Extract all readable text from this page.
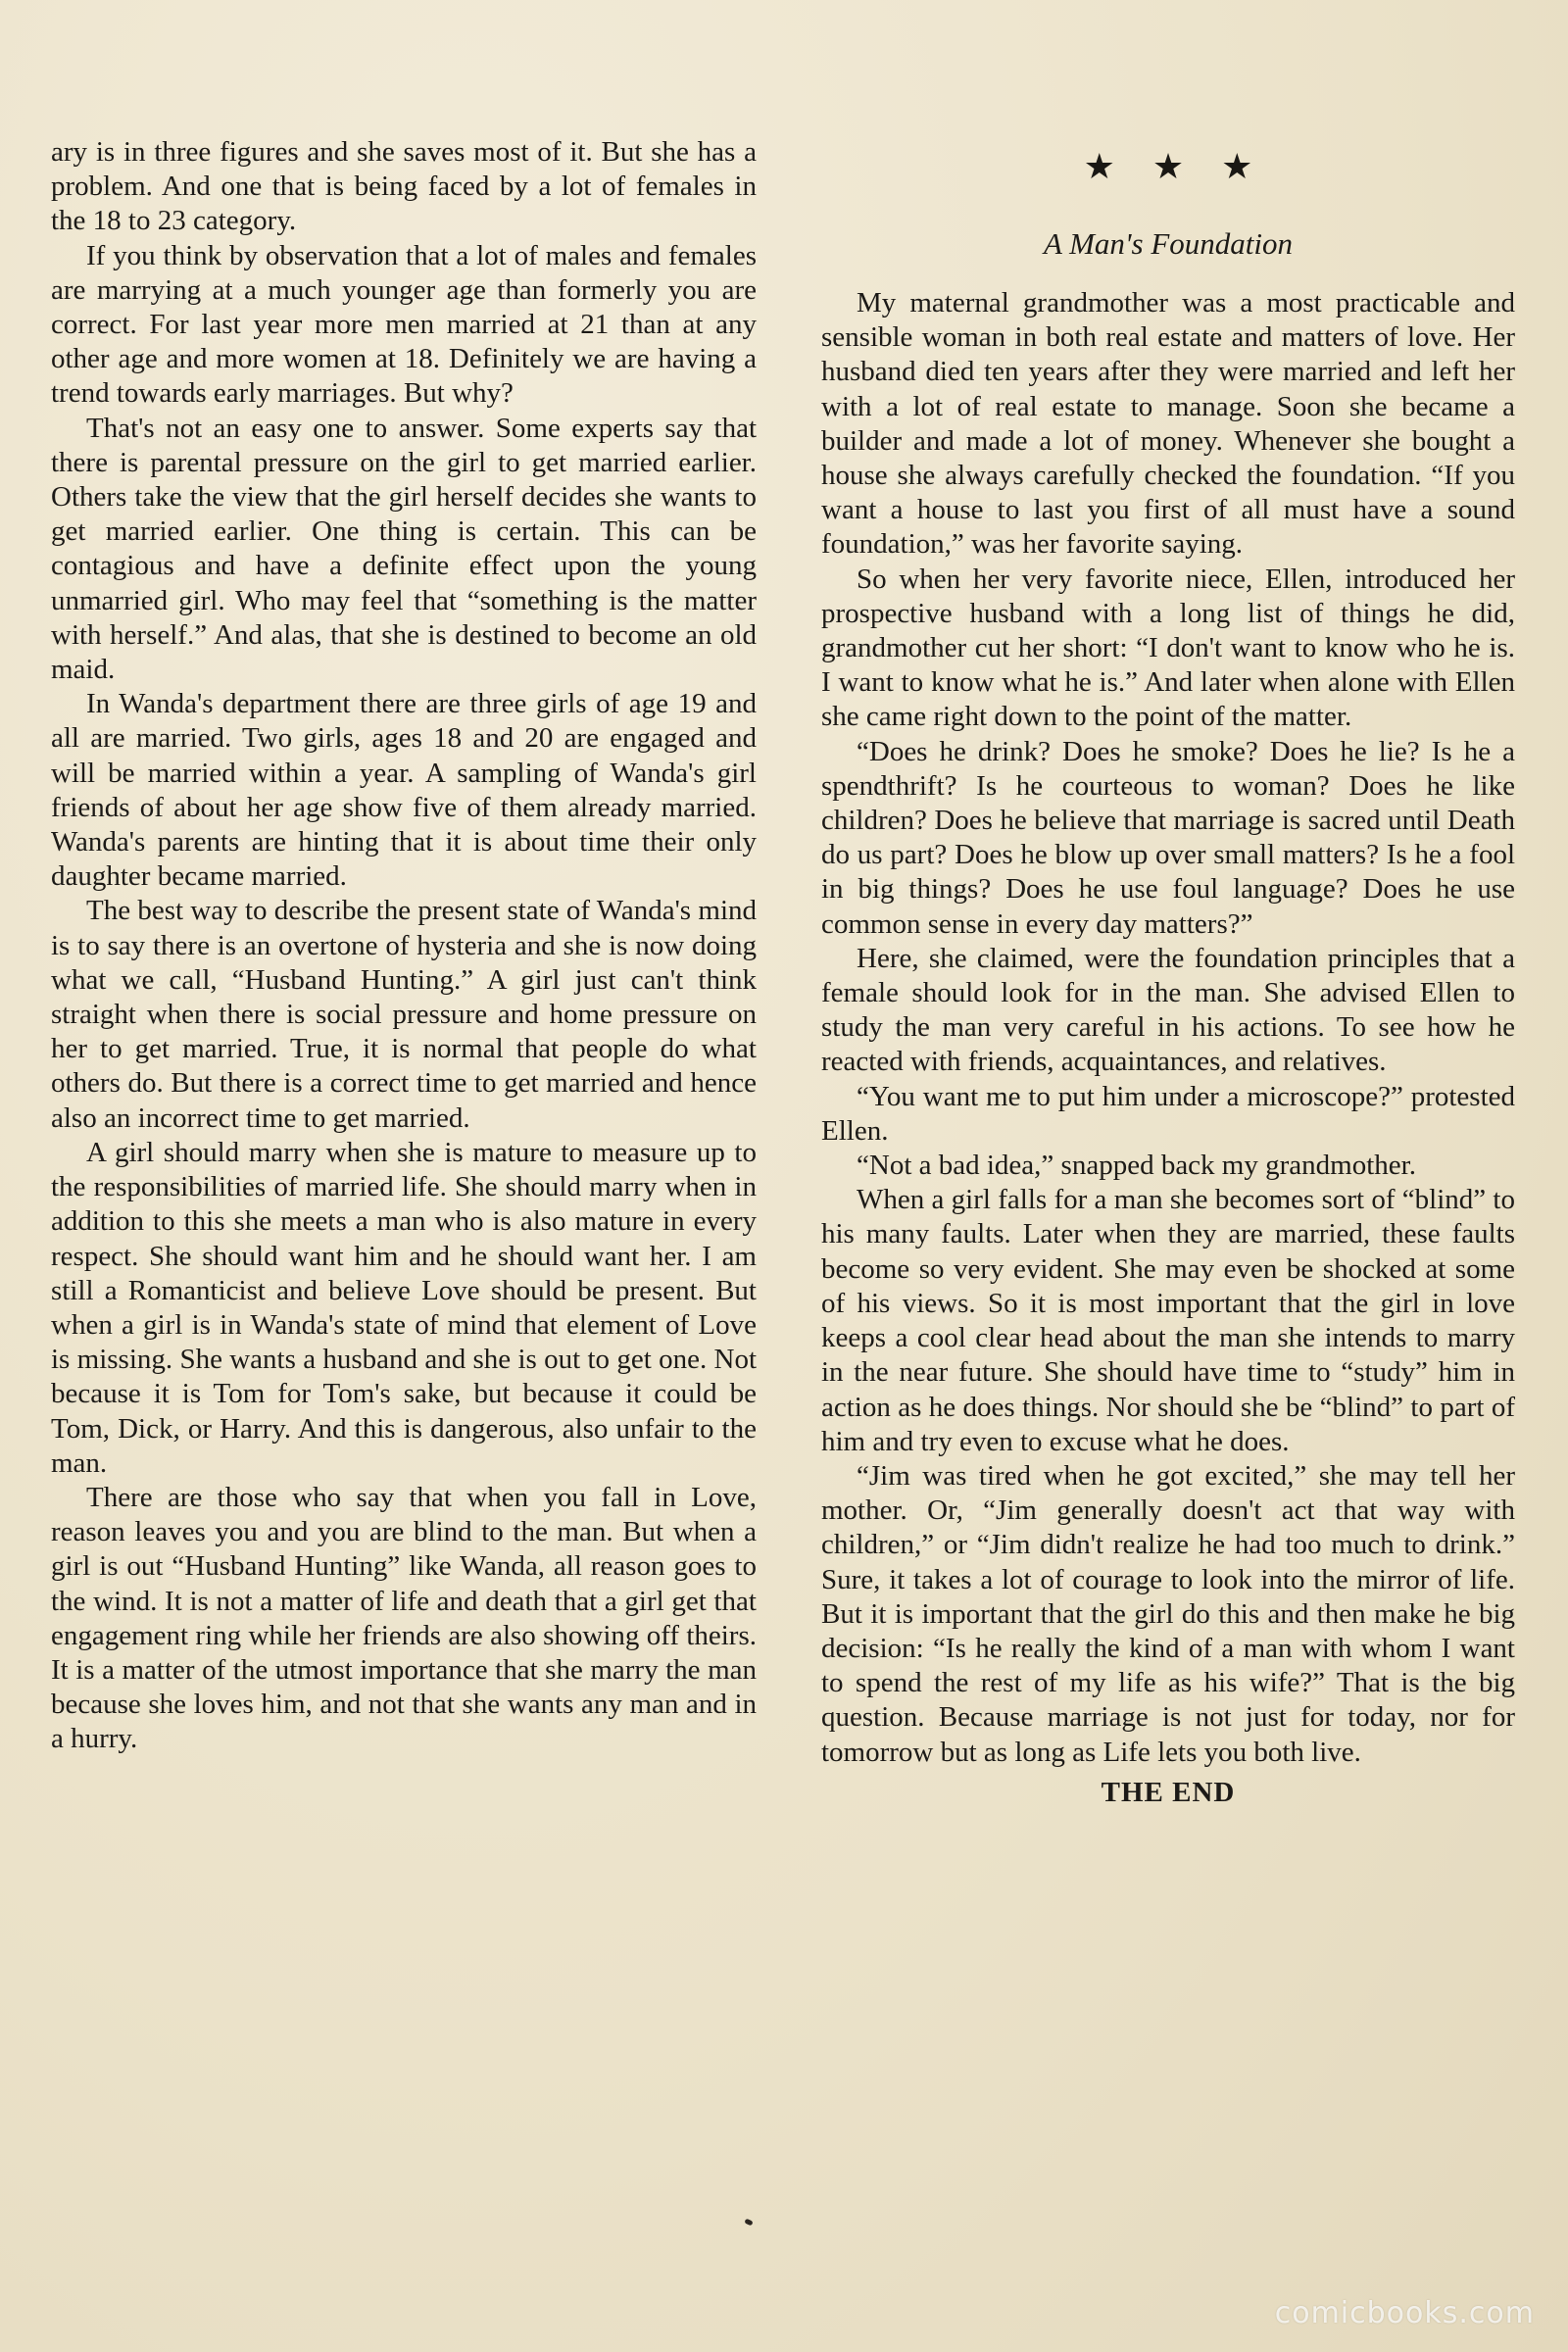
ary is in three figures and she saves most of it. But she has a problem. And one that is being faced by a lot of females in the 18 to 23 category.

If you think by observation that a lot of males and females are marrying at a much younger age than formerly you are correct. For last year more men married at 21 than at any other age and more women at 18. Definitely we are having a trend towards early marriages. But why?

That's not an easy one to answer. Some experts say that there is parental pressure on the girl to get married earlier. Others take the view that the girl herself decides she wants to get married earlier. One thing is certain. This can be contagious and have a definite effect upon the young unmarried girl. Who may feel that “something is the matter with herself.” And alas, that she is destined to become an old maid.

In Wanda's department there are three girls of age 19 and all are married. Two girls, ages 18 and 20 are engaged and will be married within a year. A sampling of Wanda's girl friends of about her age show five of them already married. Wanda's parents are hinting that it is about time their only daughter became married.

The best way to describe the present state of Wanda's mind is to say there is an overtone of hysteria and she is now doing what we call, “Husband Hunting.” A girl just can't think straight when there is social pressure and home pressure on her to get married. True, it is normal that people do what others do. But there is a correct time to get married and hence also an incorrect time to get married.

A girl should marry when she is mature to measure up to the responsibilities of married life. She should marry when in addition to this she meets a man who is also mature in every respect. She should want him and he should want her. I am still a Romanticist and believe Love should be present. But when a girl is in Wanda's state of mind that element of Love is missing. She wants a husband and she is out to get one. Not because it is Tom for Tom's sake, but because it could be Tom, Dick, or Harry. And this is dangerous, also unfair to the man.

There are those who say that when you fall in Love, reason leaves you and you are blind to the man. But when a girl is out “Husband Hunting” like Wanda, all reason goes to the wind. It is not a matter of life and death that a girl get that engagement ring while her friends are also showing off theirs. It is a matter of the utmost importance that she marry the man because she loves him, and not that she wants any man and in a hurry.

★★★
A Man's Foundation

My maternal grandmother was a most practicable and sensible woman in both real estate and matters of love. Her husband died ten years after they were married and left her with a lot of real estate to manage. Soon she became a builder and made a lot of money. Whenever she bought a house she always carefully checked the foundation. “If you want a house to last you first of all must have a sound foundation,” was her favorite saying.

So when her very favorite niece, Ellen, introduced her prospective husband with a long list of things he did, grandmother cut her short: “I don't want to know who he is. I want to know what he is.” And later when alone with Ellen she came right down to the point of the matter.

“Does he drink? Does he smoke? Does he lie? Is he a spendthrift? Is he courteous to woman? Does he like children? Does he believe that marriage is sacred until Death do us part? Does he blow up over small matters? Is he a fool in big things? Does he use foul language? Does he use common sense in every day matters?”

Here, she claimed, were the foundation principles that a female should look for in the man. She advised Ellen to study the man very careful in his actions. To see how he reacted with friends, acquaintances, and relatives.

“You want me to put him under a microscope?” protested Ellen.

“Not a bad idea,” snapped back my grandmother.

When a girl falls for a man she becomes sort of “blind” to his many faults. Later when they are married, these faults become so very evident. She may even be shocked at some of his views. So it is most important that the girl in love keeps a cool clear head about the man she intends to marry in the near future. She should have time to “study” him in action as he does things. Nor should she be “blind” to part of him and try even to excuse what he does.

“Jim was tired when he got excited,” she may tell her mother. Or, “Jim generally doesn't act that way with children,” or “Jim didn't realize he had too much to drink.” Sure, it takes a lot of courage to look into the mirror of life. But it is important that the girl do this and then make he big decision: “Is he really the kind of a man with whom I want to spend the rest of my life as his wife?” That is the big question. Because marriage is not just for today, nor for tomorrow but as long as Life lets you both live.

THE END
comicbooks.com
